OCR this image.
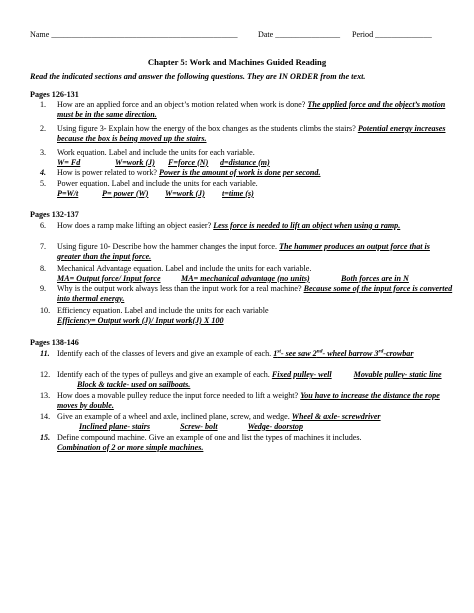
Name ______________________________________________	Date ________________ Period ______________
Chapter 5: Work and Machines Guided Reading
Read the indicated sections and answer the following questions. They are IN ORDER from the text.
Pages 126-131
1.	How are an applied force and an object’s motion related when work is done? The applied force and the object’s motion must be in the same direction.
2.	Using figure 3- Explain how the energy of the box changes as the students climbs the stairs? Potential energy increases because the box is being moved up the stairs.
3.	Work equation. Label and include the units for each variable.
W= Fd	W=work (J) F=force (N) d=distance (m)
4.	How is power related to work? Power is the amount of work is done per second.
5.	Power equation. Label and include the units for each variable.
P=W/t	P= power (W) W=work (J) t=time (s)
Pages 132-137
6.	How does a ramp make lifting an object easier? Less force is needed to lift an object when using a ramp.
7.	Using figure 10- Describe how the hammer changes the input force. The hammer produces an output force that is greater than the input force.
8.	Mechanical Advantage equation. Label and include the units for each variable.
MA= Output force/ Input force	MA= mechanical advantage (no units)	Both forces are in N
9.	Why is the output work always less than the input work for a real machine? Because some of the input force is converted into thermal energy.
10. Efficiency equation. Label and include the units for each variable
Efficiency= Output work (J)/ Input work(J) X 100
Pages 138-146
11. Identify each of the classes of levers and give an example of each. 1st- see saw 2nd- wheel barrow 3rd-crowbar
12. Identify each of the types of pulleys and give an example of each. Fixed pulley- well	Movable pulley- static lineBlock & tackle- used on sailboats.
13. How does a movable pulley reduce the input force needed to lift a weight? You have to increase the distance the rope moves by double.
14. Give an example of a wheel and axle, inclined plane, screw, and wedge. Wheel & axle- screwdriver
Inclined plane- stairs	Screw- bolt	Wedge- doorstop
15. Define compound machine. Give an example of one and list the types of machines it includes.
Combination of 2 or more simple machines.
